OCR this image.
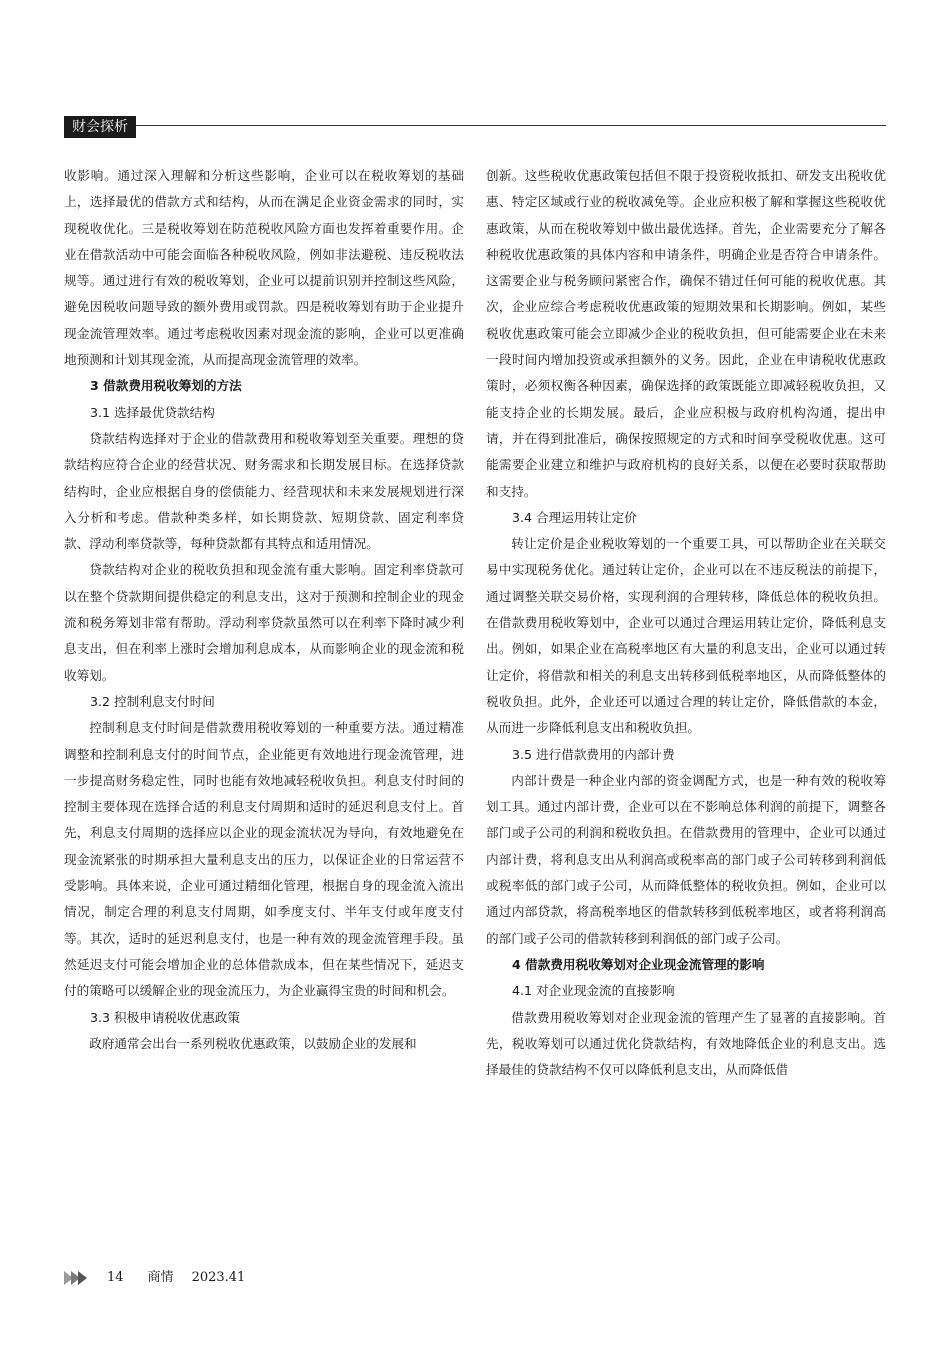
财会探析

收影响。通过深入理解和分析这些影响，企业可以在税收筹划的基础上，选择最优的借款方式和结构，从而在满足企业资金需求的同时，实现税收优化。三是税收筹划在防范税收风险方面也发挥着重要作用。企业在借款活动中可能会面临各种税收风险，例如非法避税、违反税收法规等。通过进行有效的税收筹划，企业可以提前识别并控制这些风险，避免因税收问题导致的额外费用或罚款。四是税收筹划有助于企业提升现金流管理效率。通过考虑税收因素对现金流的影响，企业可以更准确地预测和计划其现金流，从而提高现金流管理的效率。

3 借款费用税收筹划的方法
3.1 选择最优贷款结构

贷款结构选择对于企业的借款费用和税收筹划至关重要。理想的贷款结构应符合企业的经营状况、财务需求和长期发展目标。在选择贷款结构时，企业应根据自身的偿债能力、经营现状和未来发展规划进行深入分析和考虑。借款种类多样，如长期贷款、短期贷款、固定利率贷款、浮动利率贷款等，每种贷款都有其特点和适用情况。

贷款结构对企业的税收负担和现金流有重大影响。固定利率贷款可以在整个贷款期间提供稳定的利息支出，这对于预测和控制企业的现金流和税务筹划非常有帮助。浮动利率贷款虽然可以在利率下降时减少利息支出，但在利率上涨时会增加利息成本，从而影响企业的现金流和税收筹划。

3.2 控制利息支付时间

控制利息支付时间是借款费用税收筹划的一种重要方法。通过精准调整和控制利息支付的时间节点，企业能更有效地进行现金流管理，进一步提高财务稳定性，同时也能有效地减轻税收负担。利息支付时间的控制主要体现在选择合适的利息支付周期和适时的延迟利息支付上。首先，利息支付周期的选择应以企业的现金流状况为导向，有效地避免在现金流紧张的时期承担大量利息支出的压力，以保证企业的日常运营不受影响。具体来说，企业可通过精细化管理，根据自身的现金流入流出情况，制定合理的利息支付周期，如季度支付、半年支付或年度支付等。其次，适时的延迟利息支付，也是一种有效的现金流管理手段。虽然延迟支付可能会增加企业的总体借款成本，但在某些情况下，延迟支付的策略可以缓解企业的现金流压力，为企业赢得宝贵的时间和机会。

3.3 积极申请税收优惠政策

政府通常会出台一系列税收优惠政策，以鼓励企业的发展和

创新。这些税收优惠政策包括但不限于投资税收抵扣、研发支出税收优惠、特定区域或行业的税收减免等。企业应积极了解和掌握这些税收优惠政策，从而在税收筹划中做出最优选择。首先，企业需要充分了解各种税收优惠政策的具体内容和申请条件，明确企业是否符合申请条件。这需要企业与税务顾问紧密合作，确保不错过任何可能的税收优惠。其次，企业应综合考虑税收优惠政策的短期效果和长期影响。例如，某些税收优惠政策可能会立即减少企业的税收负担，但可能需要企业在未来一段时间内增加投资或承担额外的义务。因此，企业在申请税收优惠政策时，必须权衡各种因素，确保选择的政策既能立即减轻税收负担，又能支持企业的长期发展。最后，企业应积极与政府机构沟通，提出申请，并在得到批准后，确保按照规定的方式和时间享受税收优惠。这可能需要企业建立和维护与政府机构的良好关系，以便在必要时获取帮助和支持。

3.4 合理运用转让定价

转让定价是企业税收筹划的一个重要工具，可以帮助企业在关联交易中实现税务优化。通过转让定价，企业可以在不违反税法的前提下，通过调整关联交易价格，实现利润的合理转移，降低总体的税收负担。在借款费用税收筹划中，企业可以通过合理运用转让定价，降低利息支出。例如，如果企业在高税率地区有大量的利息支出，企业可以通过转让定价，将借款和相关的利息支出转移到低税率地区，从而降低整体的税收负担。此外，企业还可以通过合理的转让定价，降低借款的本金，从而进一步降低利息支出和税收负担。

3.5 进行借款费用的内部计费

内部计费是一种企业内部的资金调配方式，也是一种有效的税收筹划工具。通过内部计费，企业可以在不影响总体利润的前提下，调整各部门或子公司的利润和税收负担。在借款费用的管理中，企业可以通过内部计费，将利息支出从利润高或税率高的部门或子公司转移到利润低或税率低的部门或子公司，从而降低整体的税收负担。例如，企业可以通过内部贷款，将高税率地区的借款转移到低税率地区，或者将利润高的部门或子公司的借款转移到利润低的部门或子公司。

4 借款费用税收筹划对企业现金流管理的影响
4.1 对企业现金流的直接影响

借款费用税收筹划对企业现金流的管理产生了显著的直接影响。首先，税收筹划可以通过优化贷款结构，有效地降低企业的利息支出。选择最佳的贷款结构不仅可以降低利息支出，从而降低借

14 商情 2023.41
